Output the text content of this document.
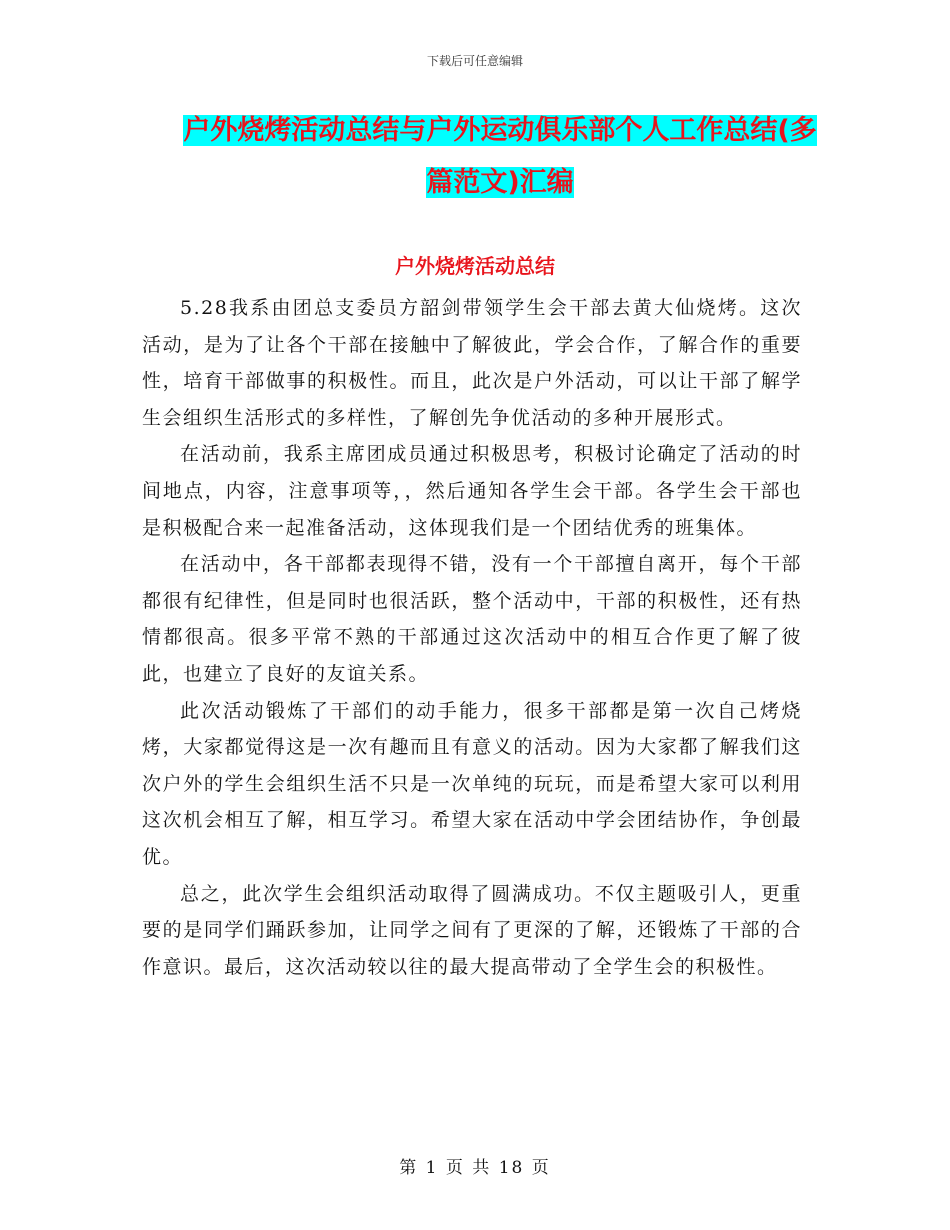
下载后可任意编辑
户外烧烤活动总结与户外运动俱乐部个人工作总结(多
篇范文)汇编
户外烧烤活动总结

5.28我系由团总支委员方韶剑带领学生会干部去黄大仙烧烤。这次活动，是为了让各个干部在接触中了解彼此，学会合作，了解合作的重要性，培育干部做事的积极性。而且，此次是户外活动，可以让干部了解学生会组织生活形式的多样性，了解创先争优活动的多种开展形式。

在活动前，我系主席团成员通过积极思考，积极讨论确定了活动的时间地点，内容，注意事项等，，然后通知各学生会干部。各学生会干部也是积极配合来一起准备活动，这体现我们是一个团结优秀的班集体。

在活动中，各干部都表现得不错，没有一个干部擅自离开，每个干部都很有纪律性，但是同时也很活跃，整个活动中，干部的积极性，还有热情都很高。很多平常不熟的干部通过这次活动中的相互合作更了解了彼此，也建立了良好的友谊关系。

此次活动锻炼了干部们的动手能力，很多干部都是第一次自己烤烧烤，大家都觉得这是一次有趣而且有意义的活动。因为大家都了解我们这次户外的学生会组织生活不只是一次单纯的玩玩，而是希望大家可以利用这次机会相互了解，相互学习。希望大家在活动中学会团结协作，争创最优。

总之，此次学生会组织活动取得了圆满成功。不仅主题吸引人，更重要的是同学们踊跃参加，让同学之间有了更深的了解，还锻炼了干部的合作意识。最后，这次活动较以往的最大提高带动了全学生会的积极性。

第 1 页 共 18 页
